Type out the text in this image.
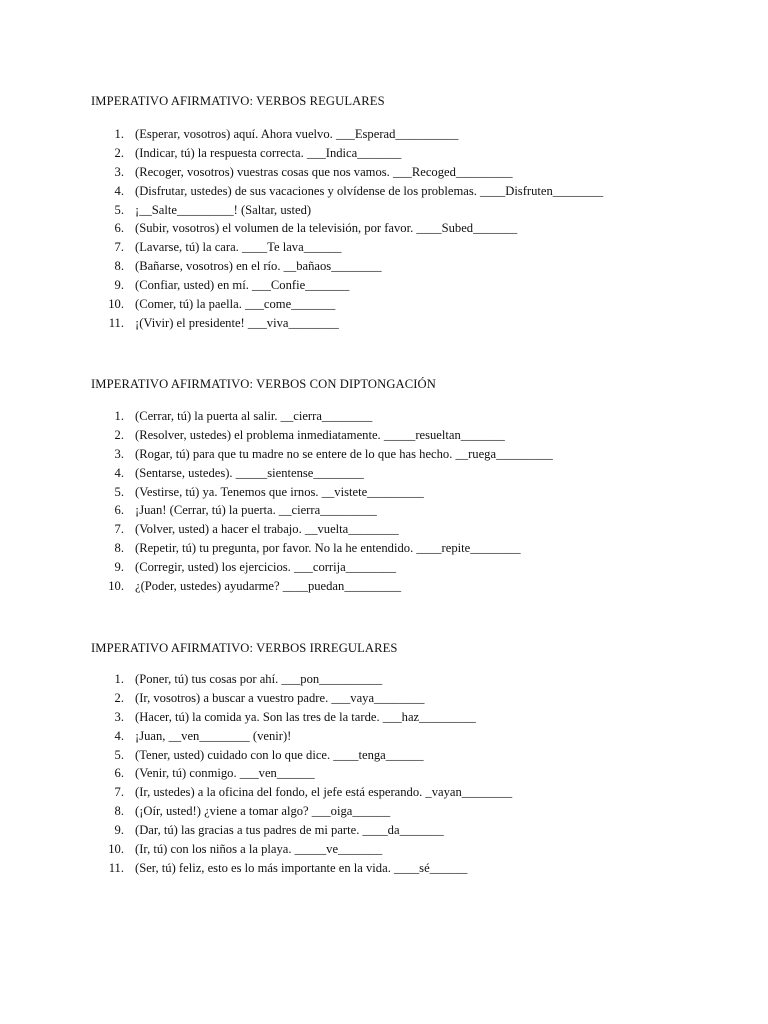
IMPERATIVO AFIRMATIVO: VERBOS REGULARES
1. (Esperar, vosotros) aquí. Ahora vuelvo. ___Esperad__________
2. (Indicar, tú) la respuesta correcta. ___Indica_______
3. (Recoger, vosotros) vuestras cosas que nos vamos. ___Recoged_________
4. (Disfrutar, ustedes) de sus vacaciones y olvídense de los problemas. ____Disfruten________
5. ¡__Salte_________! (Saltar, usted)
6. (Subir, vosotros) el volumen de la televisión, por favor. ____Subed_______
7. (Lavarse, tú) la cara. ____Te lava______
8. (Bañarse, vosotros) en el río. __bañaos________
9. (Confiar, usted) en mí. ___Confie_______
10. (Comer, tú) la paella. ___come_______
11. ¡(Vivir) el presidente! ___viva________
IMPERATIVO AFIRMATIVO: VERBOS CON DIPTONGACIÓN
1. (Cerrar, tú) la puerta al salir. __cierra________
2. (Resolver, ustedes) el problema inmediatamente. _____resueltan_______
3. (Rogar, tú) para que tu madre no se entere de lo que has hecho. __ruega_________
4. (Sentarse, ustedes). _____sientense________
5. (Vestirse, tú) ya. Tenemos que irnos. __vistete_________
6. ¡Juan! (Cerrar, tú) la puerta. __cierra_________
7. (Volver, usted) a hacer el trabajo. __vuelta________
8. (Repetir, tú) tu pregunta, por favor. No la he entendido. ____repite________
9. (Corregir, usted) los ejercicios. ___corrija________
10. ¿(Poder, ustedes) ayudarme? ____puedan_________
IMPERATIVO AFIRMATIVO: VERBOS IRREGULARES
1. (Poner, tú) tus cosas por ahí. ___pon__________
2. (Ir, vosotros) a buscar a vuestro padre. ___vaya________
3. (Hacer, tú) la comida ya. Son las tres de la tarde. ___haz_________
4. ¡Juan, __ven________ (venir)!
5. (Tener, usted) cuidado con lo que dice. ____tenga______
6. (Venir, tú) conmigo. ___ven______
7. (Ir, ustedes) a la oficina del fondo, el jefe está esperando. _vayan________
8. (¡Oír, usted!) ¿viene a tomar algo? ___oiga______
9. (Dar, tú) las gracias a tus padres de mi parte. ____da_______
10. (Ir, tú) con los niños a la playa. _____ve_______
11. (Ser, tú) feliz, esto es lo más importante en la vida. ____sé______
